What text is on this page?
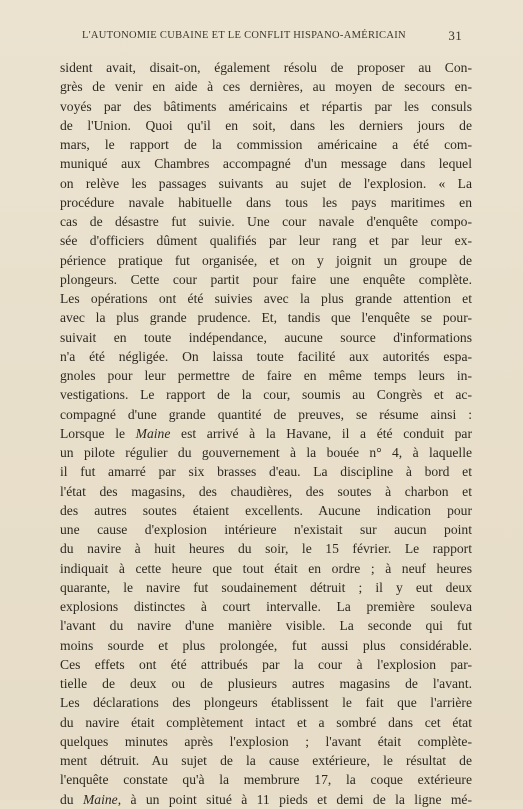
L'AUTONOMIE CUBAINE ET LE CONFLIT HISPANO-AMÉRICAIN	31
sident avait, disait-on, également résolu de proposer au Con-
grès de venir en aide à ces dernières, au moyen de secours en-
voyés par des bâtiments américains et répartis par les consuls
de l'Union. Quoi qu'il en soit, dans les derniers jours de
mars, le rapport de la commission américaine a été com-
muniqué aux Chambres accompagné d'un message dans lequel
on relève les passages suivants au sujet de l'explosion. « La
procédure navale habituelle dans tous les pays maritimes en
cas de désastre fut suivie. Une cour navale d'enquête compo-
sée d'officiers dûment qualifiés par leur rang et par leur ex-
périence pratique fut organisée, et on y joignit un groupe de
plongeurs. Cette cour partit pour faire une enquête complète.
Les opérations ont été suivies avec la plus grande attention et
avec la plus grande prudence. Et, tandis que l'enquête se pour-
suivait en toute indépendance, aucune source d'informations
n'a été négligée. On laissa toute facilité aux autorités espa-
gnoles pour leur permettre de faire en même temps leurs in-
vestigations. Le rapport de la cour, soumis au Congrès et ac-
compagné d'une grande quantité de preuves, se résume ainsi :
Lorsque le Maine est arrivé à la Havane, il a été conduit par
un pilote régulier du gouvernement à la bouée n° 4, à laquelle
il fut amarré par six brasses d'eau. La discipline à bord et
l'état des magasins, des chaudières, des soutes à charbon et
des autres soutes étaient excellents. Aucune indication pour
une cause d'explosion intérieure n'existait sur aucun point
du navire à huit heures du soir, le 15 février. Le rapport
indiquait à cette heure que tout était en ordre ; à neuf heures
quarante, le navire fut soudainement détruit ; il y eut deux
explosions distinctes à court intervalle. La première souleva
l'avant du navire d'une manière visible. La seconde qui fut
moins sourde et plus prolongée, fut aussi plus considérable.
Ces effets ont été attribués par la cour à l'explosion par-
tielle de deux ou de plusieurs autres magasins de l'avant.
Les déclarations des plongeurs établissent le fait que l'arrière
du navire était complètement intact et a sombré dans cet état
quelques minutes après l'explosion ; l'avant était complète-
ment détruit. Au sujet de la cause extérieure, le résultat de
l'enquête constate qu'à la membrure 17, la coque extérieure
du Maine, à un point situé à 11 pieds et demi de la ligne mé-
